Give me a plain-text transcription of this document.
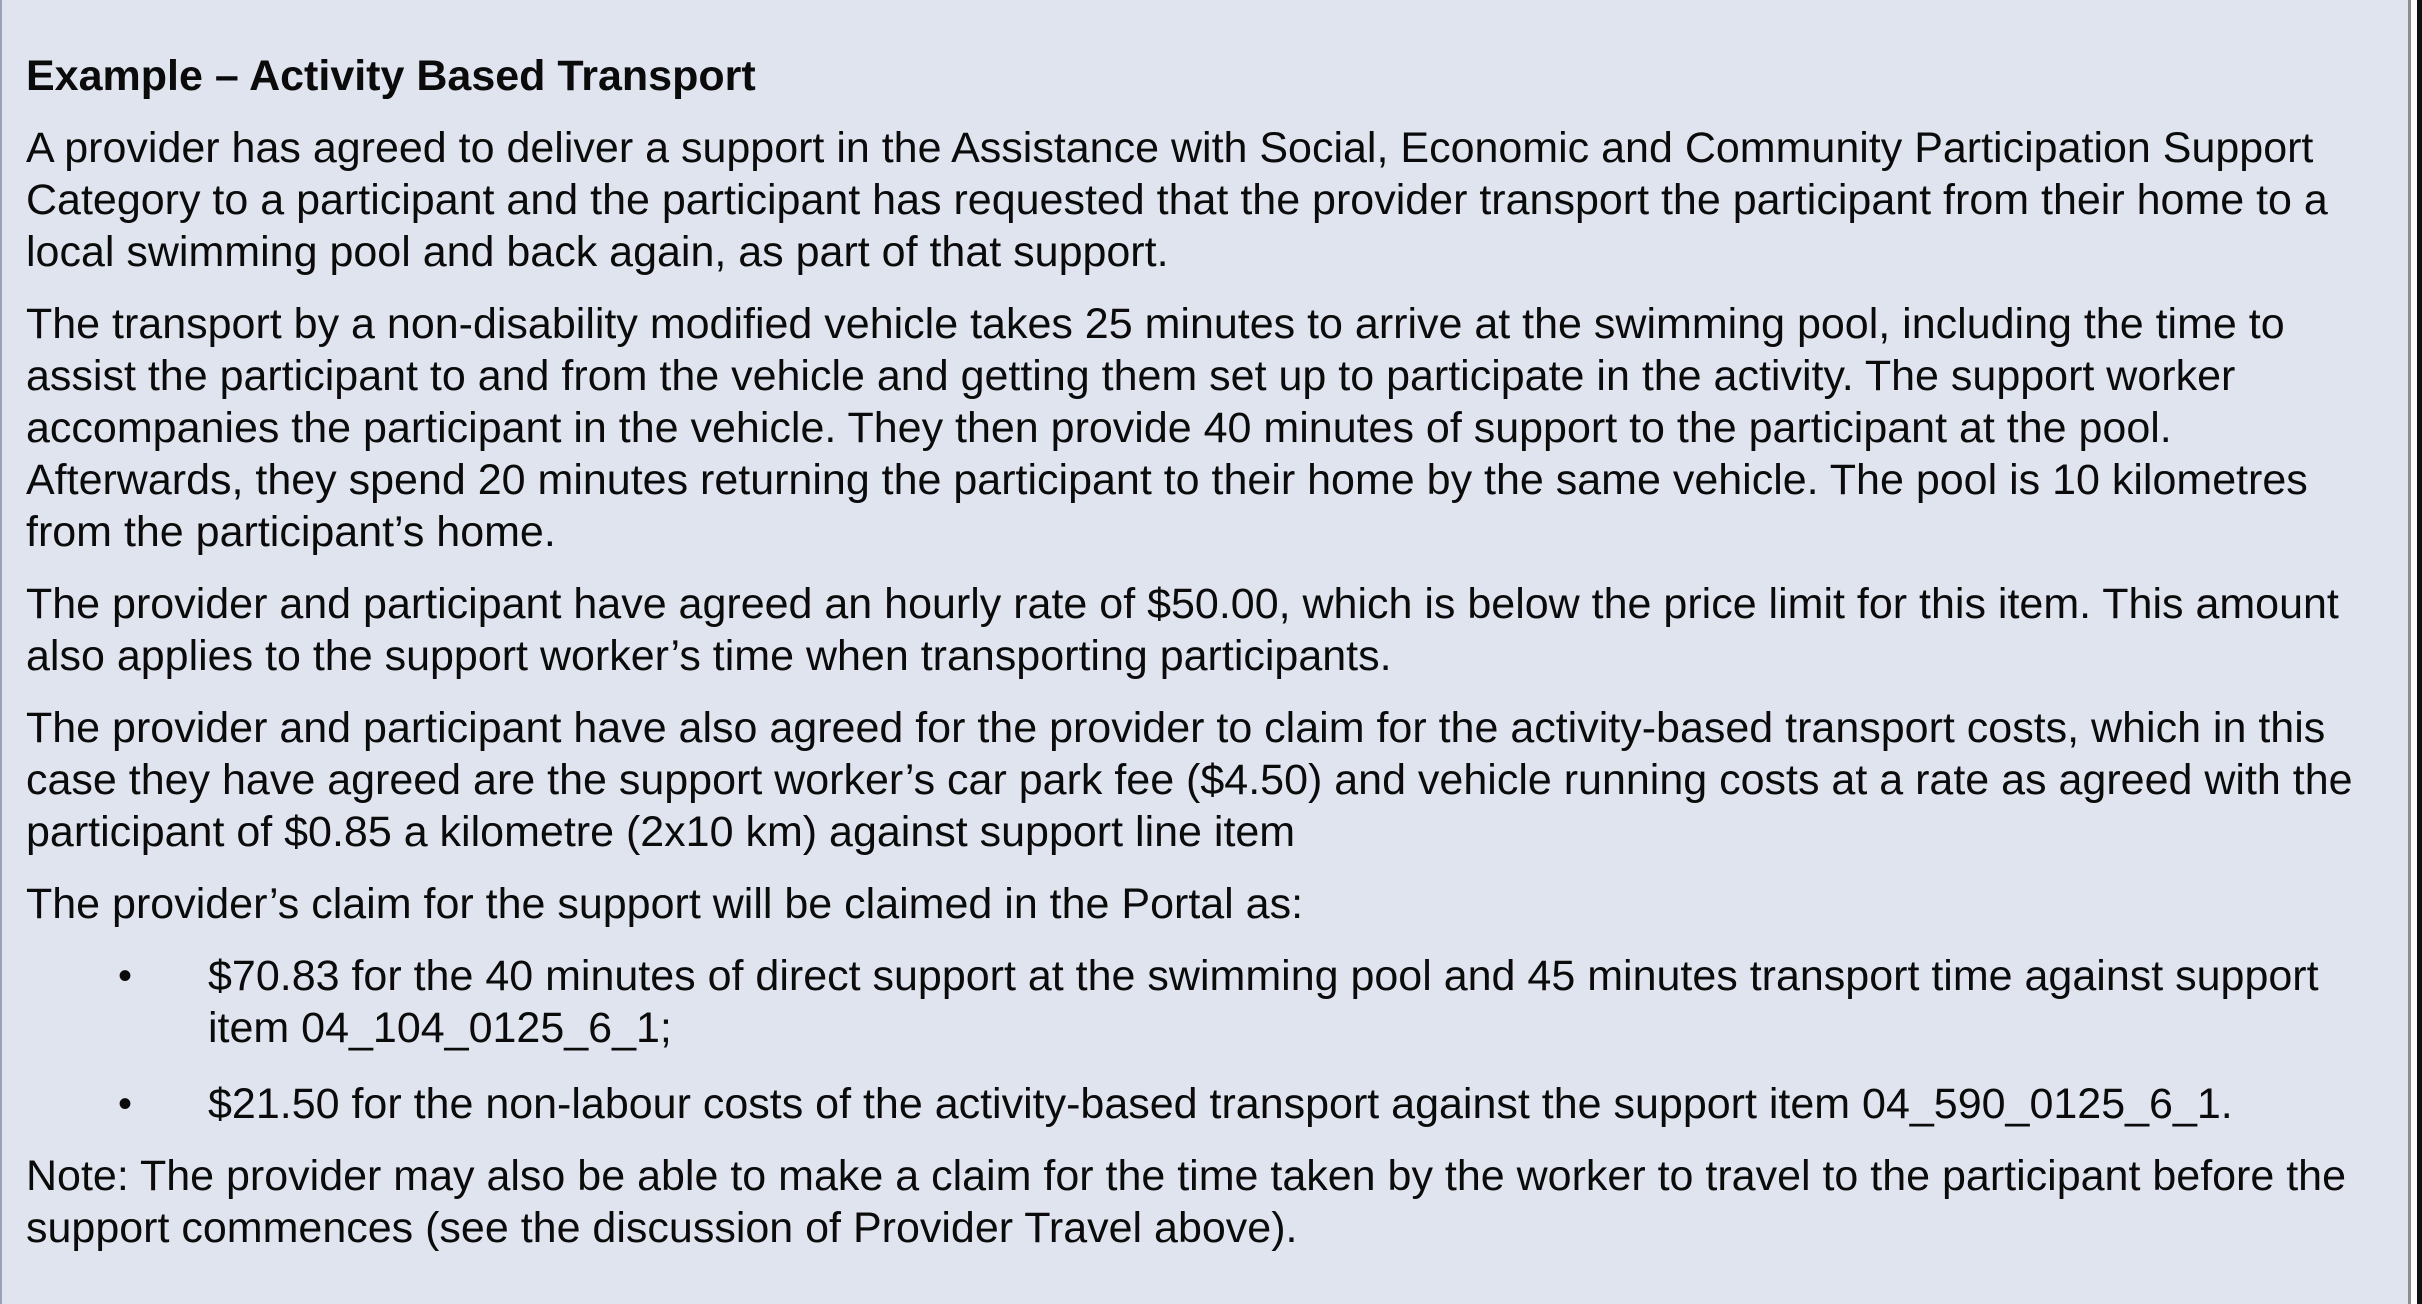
Example – Activity Based Transport

A provider has agreed to deliver a support in the Assistance with Social, Economic and Community Participation Support Category to a participant and the participant has requested that the provider transport the participant from their home to a local swimming pool and back again, as part of that support.

The transport by a non-disability modified vehicle takes 25 minutes to arrive at the swimming pool, including the time to assist the participant to and from the vehicle and getting them set up to participate in the activity. The support worker accompanies the participant in the vehicle. They then provide 40 minutes of support to the participant at the pool. Afterwards, they spend 20 minutes returning the participant to their home by the same vehicle. The pool is 10 kilometres from the participant’s home.

The provider and participant have agreed an hourly rate of $50.00, which is below the price limit for this item. This amount also applies to the support worker’s time when transporting participants.

The provider and participant have also agreed for the provider to claim for the activity-based transport costs, which in this case they have agreed are the support worker’s car park fee ($4.50) and vehicle running costs at a rate as agreed with the participant of $0.85 a kilometre (2x10 km) against support line item

The provider’s claim for the support will be claimed in the Portal as:

• $70.83 for the 40 minutes of direct support at the swimming pool and 45 minutes transport time against support item 04_104_0125_6_1;
• $21.50 for the non-labour costs of the activity-based transport against the support item 04_590_0125_6_1.

Note: The provider may also be able to make a claim for the time taken by the worker to travel to the participant before the support commences (see the discussion of Provider Travel above).
